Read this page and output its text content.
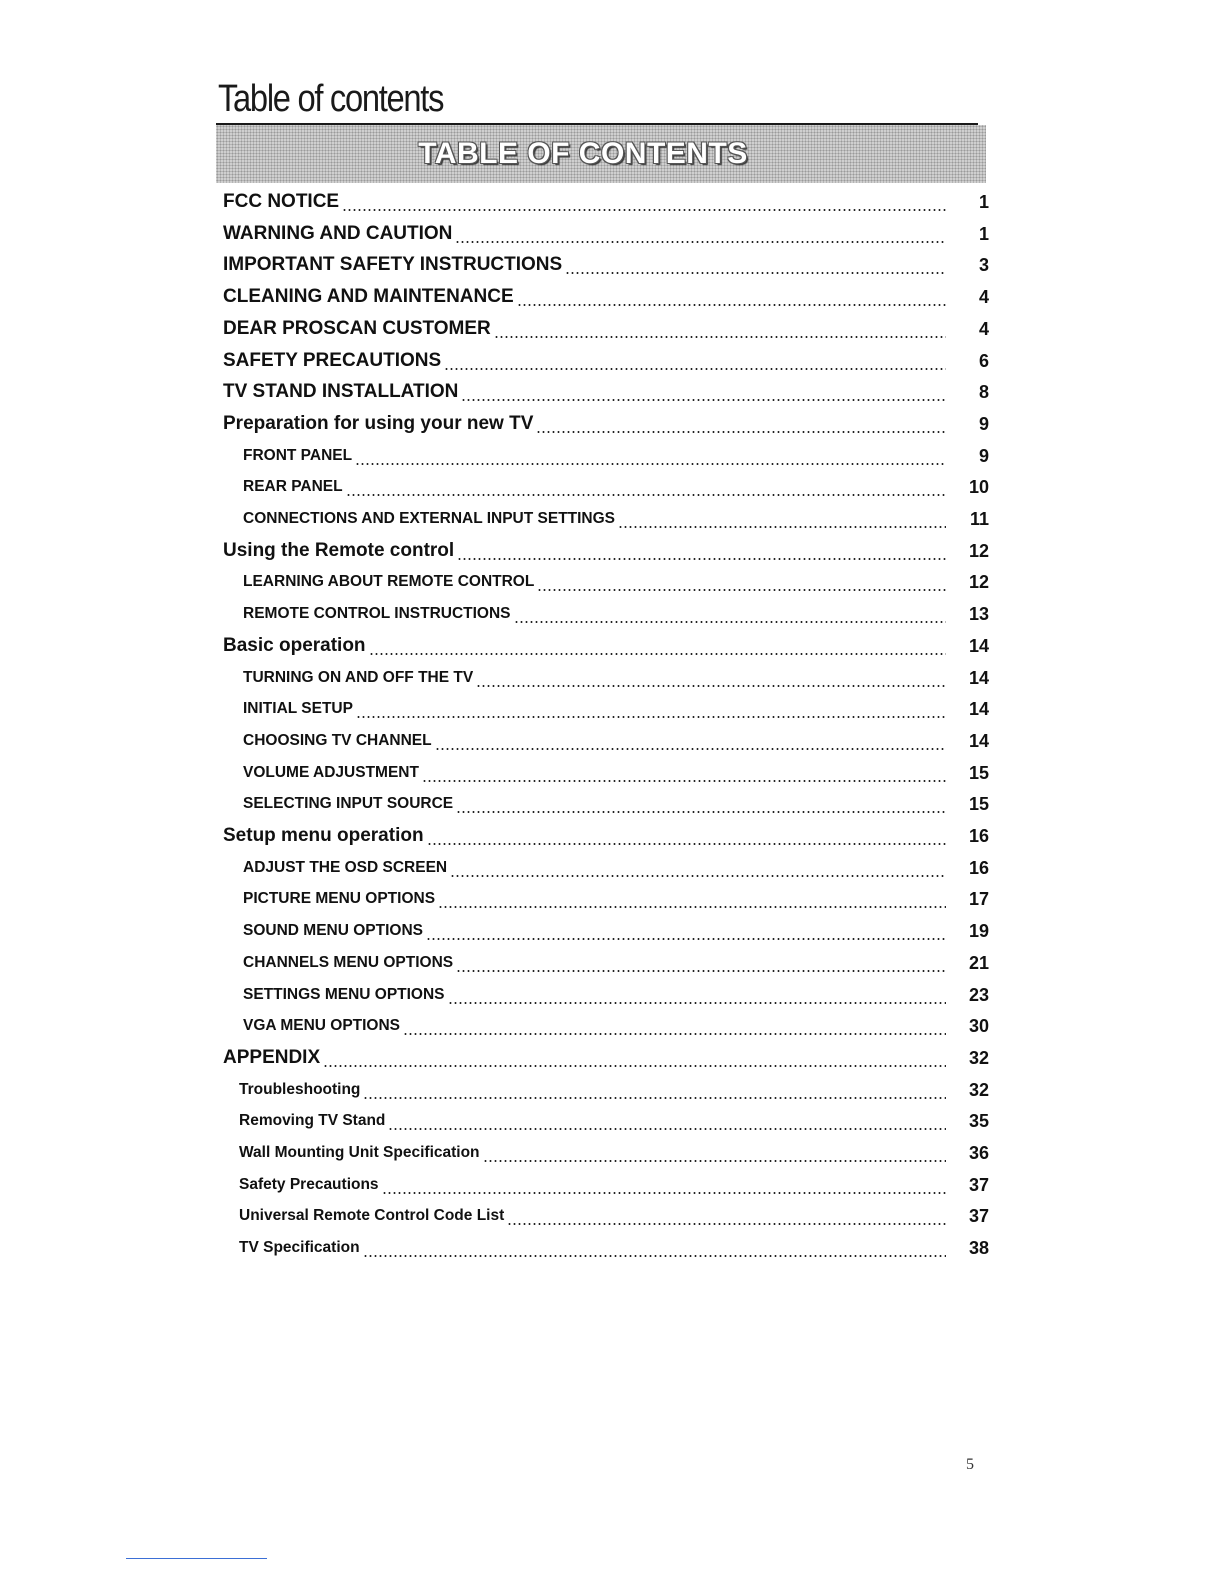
Table of contents
TABLE OF CONTENTS
FCC NOTICE	1
WARNING AND CAUTION	1
IMPORTANT SAFETY INSTRUCTIONS	3
CLEANING AND MAINTENANCE	4
DEAR PROSCAN CUSTOMER	4
SAFETY PRECAUTIONS	6
TV STAND INSTALLATION	8
Preparation for using your new TV	9
FRONT PANEL	9
REAR PANEL	10
CONNECTIONS AND EXTERNAL INPUT SETTINGS	11
Using the Remote control	12
LEARNING ABOUT REMOTE CONTROL	12
REMOTE CONTROL INSTRUCTIONS	13
Basic operation	14
TURNING ON AND OFF THE TV	14
INITIAL SETUP	14
CHOOSING TV CHANNEL	14
VOLUME ADJUSTMENT	15
SELECTING INPUT SOURCE	15
Setup menu operation	16
ADJUST THE OSD SCREEN	16
PICTURE MENU OPTIONS	17
SOUND MENU OPTIONS	19
CHANNELS MENU OPTIONS	21
SETTINGS MENU OPTIONS	23
VGA MENU OPTIONS	30
APPENDIX	32
Troubleshooting	32
Removing TV Stand	35
Wall Mounting Unit Specification	36
Safety Precautions	37
Universal Remote Control Code List	37
TV Specification	38
5
